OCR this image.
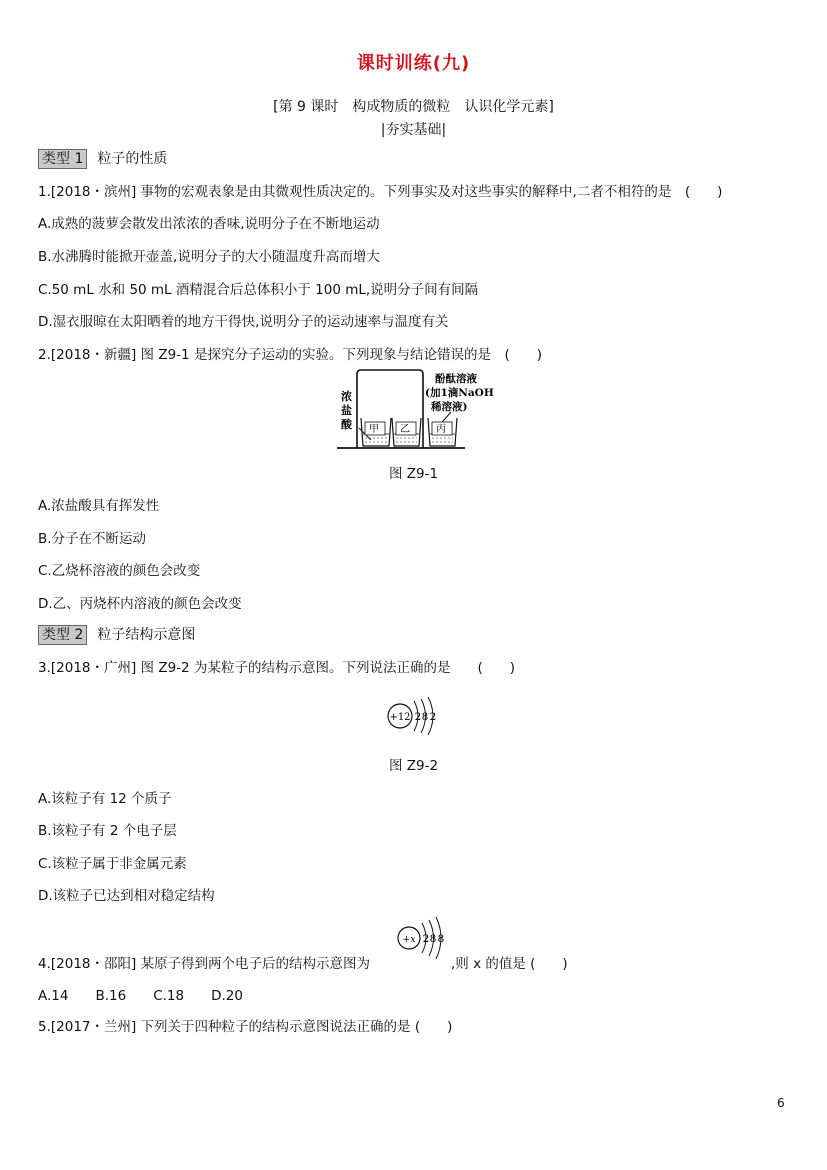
课时训练(九)
[第 9 课时　构成物质的微粒　认识化学元素]
|夯实基础|
类型 1 粒子的性质
1.[2018・滨州] 事物的宏观表象是由其微观性质决定的。下列事实及对这些事实的解释中,二者不相符的是　(　　)
A.成熟的菠萝会散发出浓浓的香味,说明分子在不断地运动
B.水沸腾时能掀开壶盖,说明分子的大小随温度升高而增大
C.50 mL 水和 50 mL 酒精混合后总体积小于 100 mL,说明分子间有间隔
D.湿衣服晾在太阳晒着的地方干得快,说明分子的运动速率与温度有关
2.[2018・新疆] 图 Z9-1 是探究分子运动的实验。下列现象与结论错误的是　(　　)
浓
盐
酸
酚酞溶液
(加1滴NaOH
稀溶液)
甲 乙	丙
图 Z9-1
A.浓盐酸具有挥发性
B.分子在不断运动
C.乙烧杯溶液的颜色会改变
D.乙、丙烧杯内溶液的颜色会改变
类型 2 粒子结构示意图
3.[2018・广州] 图 Z9-2 为某粒子的结构示意图。下列说法正确的是　　(　　)
+12 2 8 2
图 Z9-2
A.该粒子有 12 个质子
B.该粒子有 2 个电子层
C.该粒子属于非金属元素
D.该粒子已达到相对稳定结构
+x 2 8 8
4.[2018・邵阳] 某原子得到两个电子后的结构示意图为	,则 x 的值是 (　　)
A.14　　B.16　　C.18　　D.20
5.[2017・兰州] 下列关于四种粒子的结构示意图说法正确的是 (　　)
6
